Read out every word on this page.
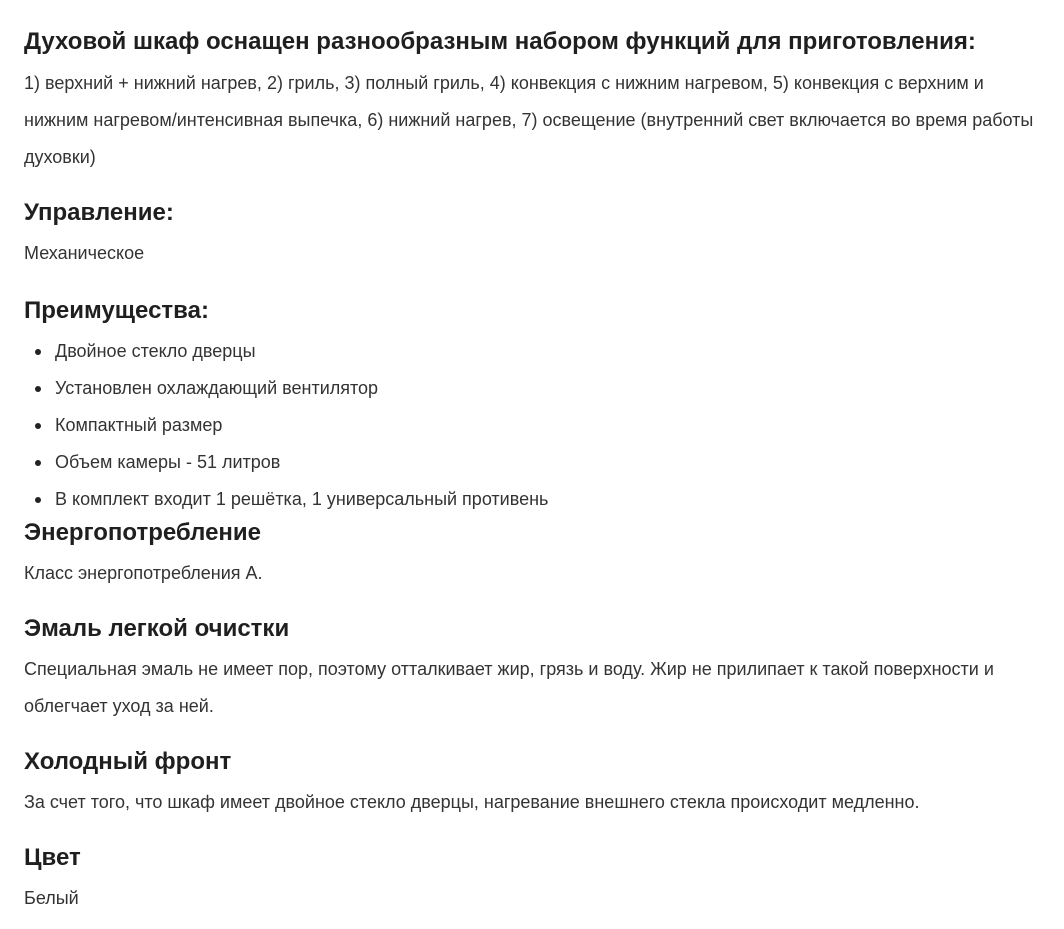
Духовой шкаф оснащен разнообразным набором функций для приготовления:

1) верхний + нижний нагрев, 2) гриль, 3) полный гриль, 4) конвекция с нижним нагревом, 5) конвекция с верхним и нижним нагревом/интенсивная выпечка, 6) нижний нагрев, 7) освещение (внутренний свет включается во время работы духовки)

Управление:

Механическое

Преимущества:
Двойное стекло дверцы
Установлен охлаждающий вентилятор
Компактный размер
Объем камеры - 51 литров
В комплект входит 1 решётка, 1 универсальный противень
Энергопотребление

Класс энергопотребления А.

Эмаль легкой очистки

Специальная эмаль не имеет пор, поэтому отталкивает жир, грязь и воду. Жир не прилипает к такой поверхности и облегчает уход за ней.

Холодный фронт

За счет того, что шкаф имеет двойное стекло дверцы, нагревание внешнего стекла происходит медленно.

Цвет

Белый
